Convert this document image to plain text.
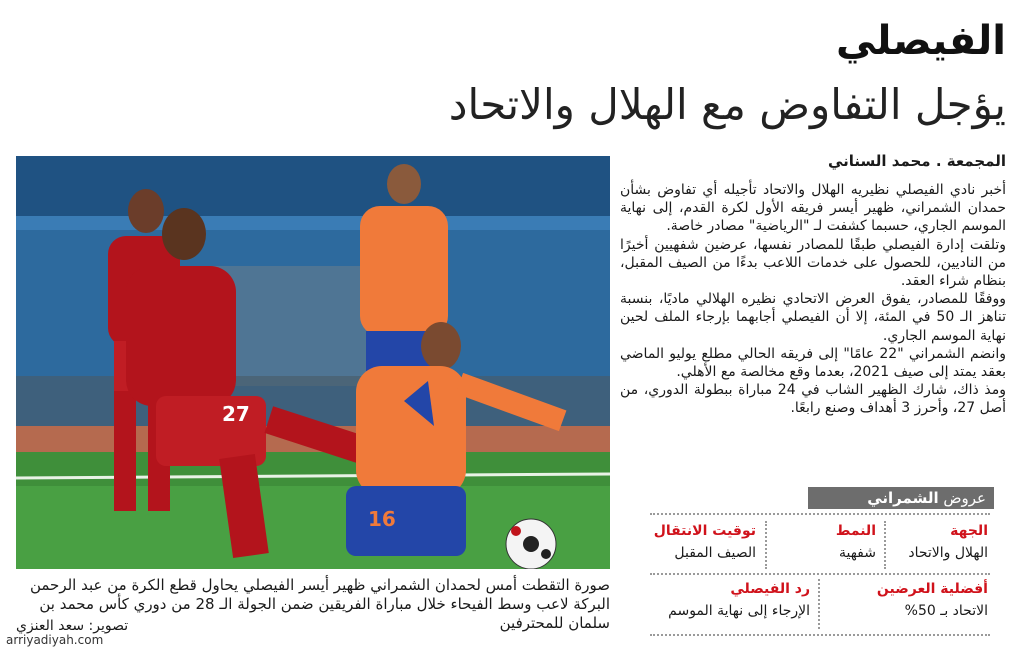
الفيصلي
يؤجل التفاوض مع الهلال والاتحاد
27
16
المجمعة . محمد السناني

أخبر نادي الفيصلي نظيريه الهلال والاتحاد تأجيله أي تفاوض بشأن حمدان الشمراني، ظهير أيسر فريقه الأول لكرة القدم، إلى نهاية الموسم الجاري، حسبما كشفت لـ "الرياضية" مصادر خاصة.

وتلقت إدارة الفيصلي طبقًا للمصادر نفسها، عرضين شفهيين أخيرًا من الناديين، للحصول على خدمات اللاعب بدءًا من الصيف المقبل، بنظام شراء العقد.

ووفقًا للمصادر، يفوق العرض الاتحادي نظيره الهلالي ماديًا، بنسبة تناهز الـ 50 في المئة، إلا أن الفيصلي أجابهما بإرجاء الملف لحين نهاية الموسم الجاري.

وانضم الشمراني "22 عامًا" إلى فريقه الحالي مطلع يوليو الماضي بعقد يمتد إلى صيف 2021، بعدما وقع مخالصة مع الأهلي.

ومذ ذاك، شارك الظهير الشاب في 24 مباراة ببطولة الدوري، من أصل 27، وأحرز 3 أهداف وصنع رابعًا.

عروض الشمراني
الجهة
الهلال والاتحاد
النمط
شفهية
توقيت الانتقال
الصيف المقبل
أفضلية العرضين
الاتحاد بـ 50%
رد الفيصلي
الإرجاء إلى نهاية الموسم
صورة التقطت أمس لحمدان الشمراني ظهير أيسر الفيصلي يحاول قطع الكرة من عبد الرحمن البركة لاعب وسط الفيحاء خلال مباراة الفريقين ضمن الجولة الـ 28 من دوري كأس محمد بن سلمان للمحترفين
تصوير: سعد العنزي
arriyadiyah.com
